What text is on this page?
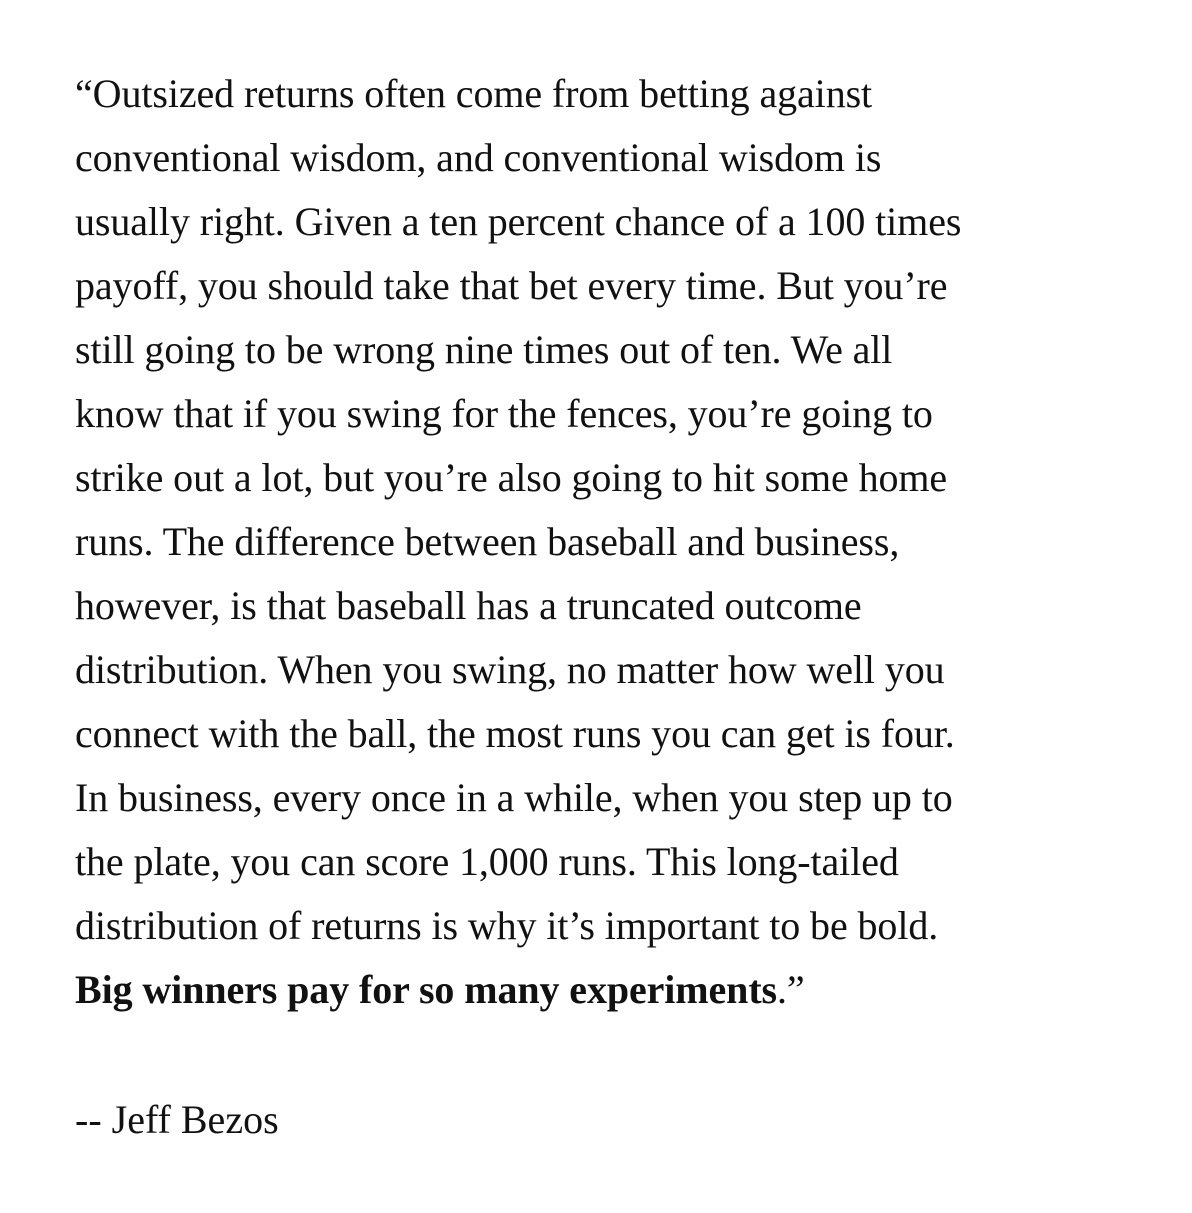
“Outsized returns often come from betting against
conventional wisdom, and conventional wisdom is
usually right. Given a ten percent chance of a 100 times
payoff, you should take that bet every time. But you’re
still going to be wrong nine times out of ten. We all
know that if you swing for the fences, you’re going to
strike out a lot, but you’re also going to hit some home
runs. The difference between baseball and business,
however, is that baseball has a truncated outcome
distribution. When you swing, no matter how well you
connect with the ball, the most runs you can get is four.
In business, every once in a while, when you step up to
the plate, you can score 1,000 runs. This long-tailed
distribution of returns is why it’s important to be bold.
Big winners pay for so many experiments.”

-- Jeff Bezos
